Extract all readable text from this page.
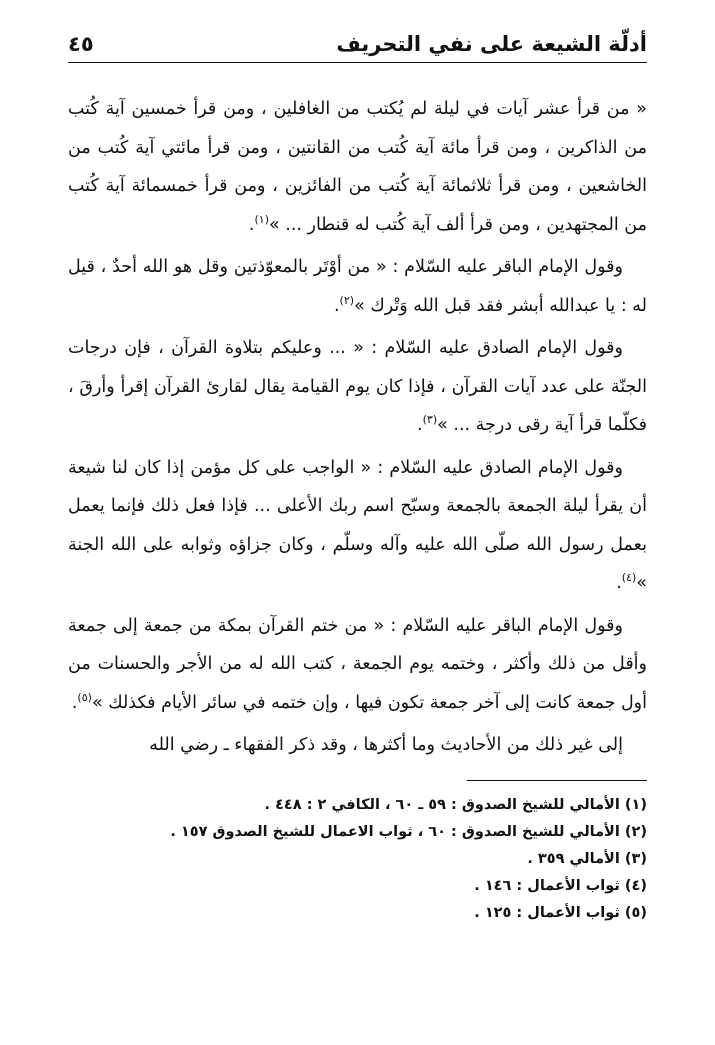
أدلّة الشيعة على نفي التحريف
٤٥

« من قرأ عشر آيات في ليلة لم يُكتب من الغافلين ، ومن قرأ خمسين آية كُتب من الذاكرين ، ومن قرأ مائة آية كُتب من القانتين ، ومن قرأ مائتي آية كُتب من الخاشعين ، ومن قرأ ثلاثمائة آية كُتب من الفائزين ، ومن قرأ خمسمائة آية كُتب من المجتهدين ، ومن قرأ ألف آية كُتب له قنطار ... »$^{(١)}$.

وقول الإمام الباقر عليه السّلام : « من أوْتَر بالمعوّذتين وقل هو الله أحدٌ ، قيل له : يا عبدالله أبشر فقد قبل الله وَتْرك »$^{(٢)}$.

وقول الإمام الصادق عليه السّلام : « ... وعليكم بتلاوة القرآن ، فإن درجات الجنّة على عدد آيات القرآن ، فإذا كان يوم القيامة يقال لقارئ القرآن إقرأ وأرقَ ، فكلّما قرأ آية رقى درجة ... »$^{(٣)}$.

وقول الإمام الصادق عليه السّلام : « الواجب على كل مؤمن إذا كان لنا شيعة أن يقرأ ليلة الجمعة بالجمعة وسبّح اسم ربك الأعلى ... فإذا فعل ذلك فإنما يعمل بعمل رسول الله صلّى الله عليه وآله وسلّم ، وكان جزاؤه وثوابه على الله الجنة »$^{(٤)}$.

وقول الإمام الباقر عليه السّلام : « من ختم القرآن بمكة من جمعة إلى جمعة وأقل من ذلك وأكثر ، وختمه يوم الجمعة ، كتب الله له من الأجر والحسنات من أول جمعة كانت إلى آخر جمعة تكون فيها ، وإن ختمه في سائر الأيام فكذلك »$^{(٥)}$.

إلى غير ذلك من الأحاديث وما أكثرها ، وقد ذكر الفقهاء ـ رضي الله

(١) الأمالي للشيخ الصدوق : ٥٩ ـ ٦٠ ، الكافي ٢ : ٤٤٨ .
(٢) الأمالي للشيخ الصدوق : ٦٠ ، ثواب الاعمال للشيخ الصدوق ١٥٧ .
(٣) الأمالي ٣٥٩ .
(٤) ثواب الأعمال : ١٤٦ .
(٥) ثواب الأعمال : ١٢٥ .
